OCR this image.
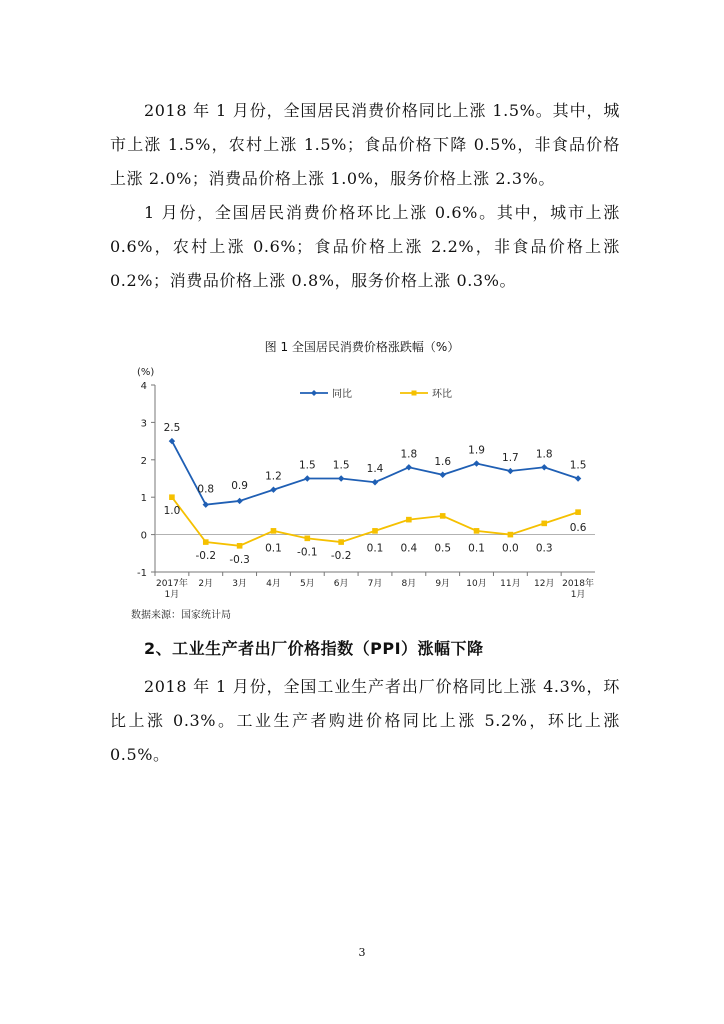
2018 年 1 月份，全国居民消费价格同比上涨 1.5%。其中，城市上涨 1.5%，农村上涨 1.5%；食品价格下降 0.5%，非食品价格上涨 2.0%；消费品价格上涨 1.0%，服务价格上涨 2.3%。

1 月份，全国居民消费价格环比上涨 0.6%。其中，城市上涨 0.6%，农村上涨 0.6%；食品价格上涨 2.2%，非食品价格上涨 0.2%；消费品价格上涨 0.8%，服务价格上涨 0.3%。

图 1 全国居民消费价格涨跌幅（%）
(%)
-1
0
1
2
3
4
2017年 1月
2月 3月 4月 5月 6月 7月 8月 9月 10月 11月 12月 2018年 1月
2.5
0.8 0.9
1.2
1.5 1.5 1.4
1.8
1.6
1.9
1.7 1.8
1.5
同比
1.0
-0.2 -0.3
0.1 -0.1 -0.2
0.1 0.4 0.5 0.1 0.0 0.3
0.6
环比
数据来源：国家统计局
2、工业生产者出厂价格指数（PPI）涨幅下降

2018 年 1 月份，全国工业生产者出厂价格同比上涨 4.3%，环比上涨 0.3%。工业生产者购进价格同比上涨 5.2%，环比上涨 0.5%。

3
